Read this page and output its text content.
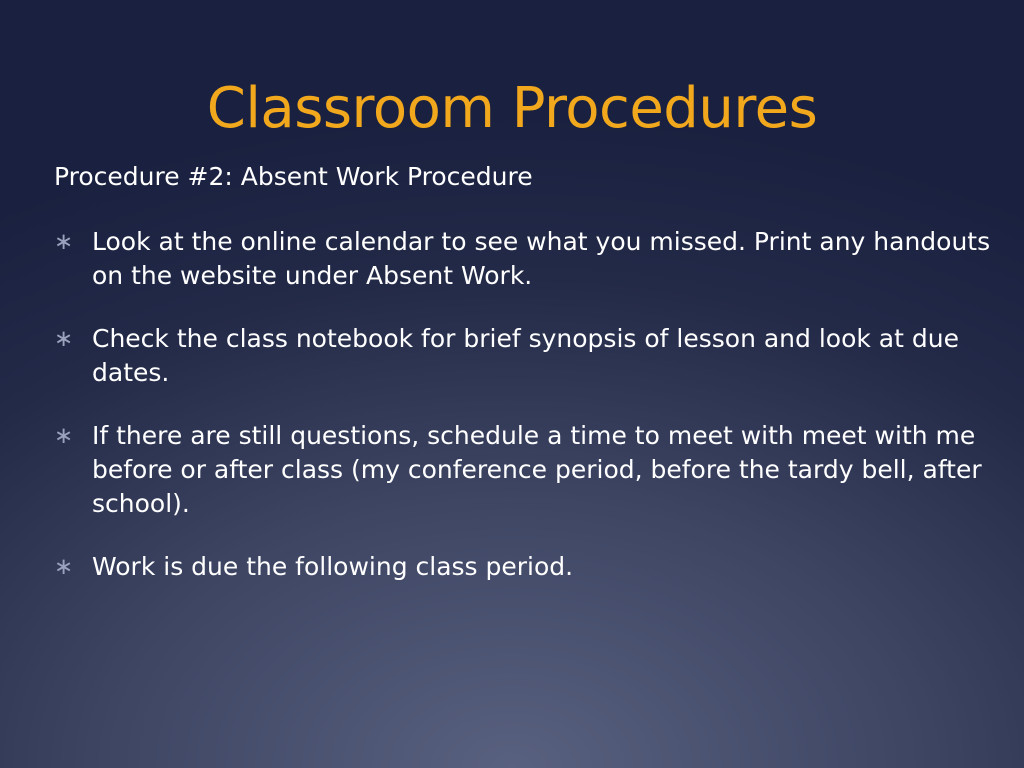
Classroom Procedures

Procedure #2: Absent Work Procedure

∗ Look at the online calendar to see what you missed. Print any handouts on the website under Absent Work.
∗ Check the class notebook for brief synopsis of lesson and look at due dates.
∗ If there are still questions, schedule a time to meet with meet with me before or after class (my conference period, before the tardy bell, after school).
∗ Work is due the following class period.
